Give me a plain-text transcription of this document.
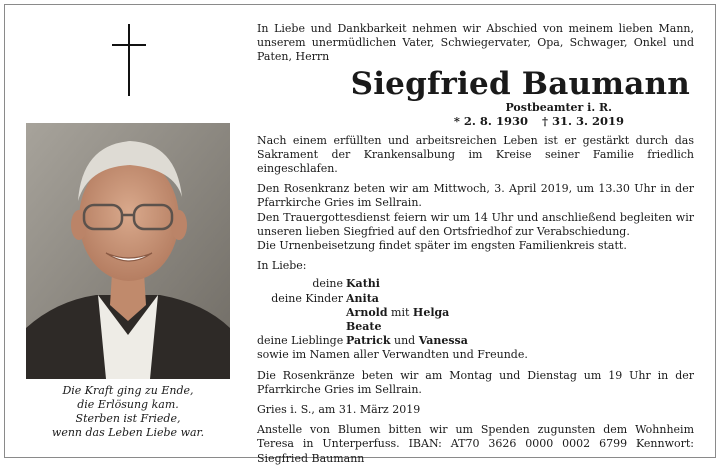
Die Kraft ging zu Ende,
die Erlösung kam.
Sterben ist Friede,
wenn das Leben Liebe war.
In Liebe und Dankbarkeit nehmen wir Abschied von meinem lieben Mann, unserem unermüdlichen Vater, Schwiegervater, Opa, Schwager, Onkel und Paten, Herrn
Siegfried Baumann
Postbeamter i. R.
* 2. 8. 1930 † 31. 3. 2019
Nach einem erfüllten und arbeitsreichen Leben ist er gestärkt durch das Sakrament der Krankensalbung im Kreise seiner Familie friedlich eingeschlafen.
Den Rosenkranz beten wir am Mittwoch, 3. April 2019, um 13.30 Uhr in der Pfarrkirche Gries im Sellrain.
Den Trauergottesdienst feiern wir um 14 Uhr und anschließend begleiten wir unseren lieben Siegfried auf den Ortsfriedhof zur Verabschiedung.
Die Urnenbeisetzung findet später im engsten Familienkreis statt.
In Liebe:
deine Kathi
deine Kinder Anita
Arnold mit Helga
Beate
deine Lieblinge Patrick und Vanessa
sowie im Namen aller Verwandten und Freunde.
Die Rosenkränze beten wir am Montag und Dienstag um 19 Uhr in der Pfarrkirche Gries im Sellrain.
Gries i. S., am 31. März 2019
Anstelle von Blumen bitten wir um Spenden zugunsten dem Wohnheim Teresa in Unterperfuss. IBAN: AT70 3626 0000 0002 6799 Kennwort: Siegfried Baumann
